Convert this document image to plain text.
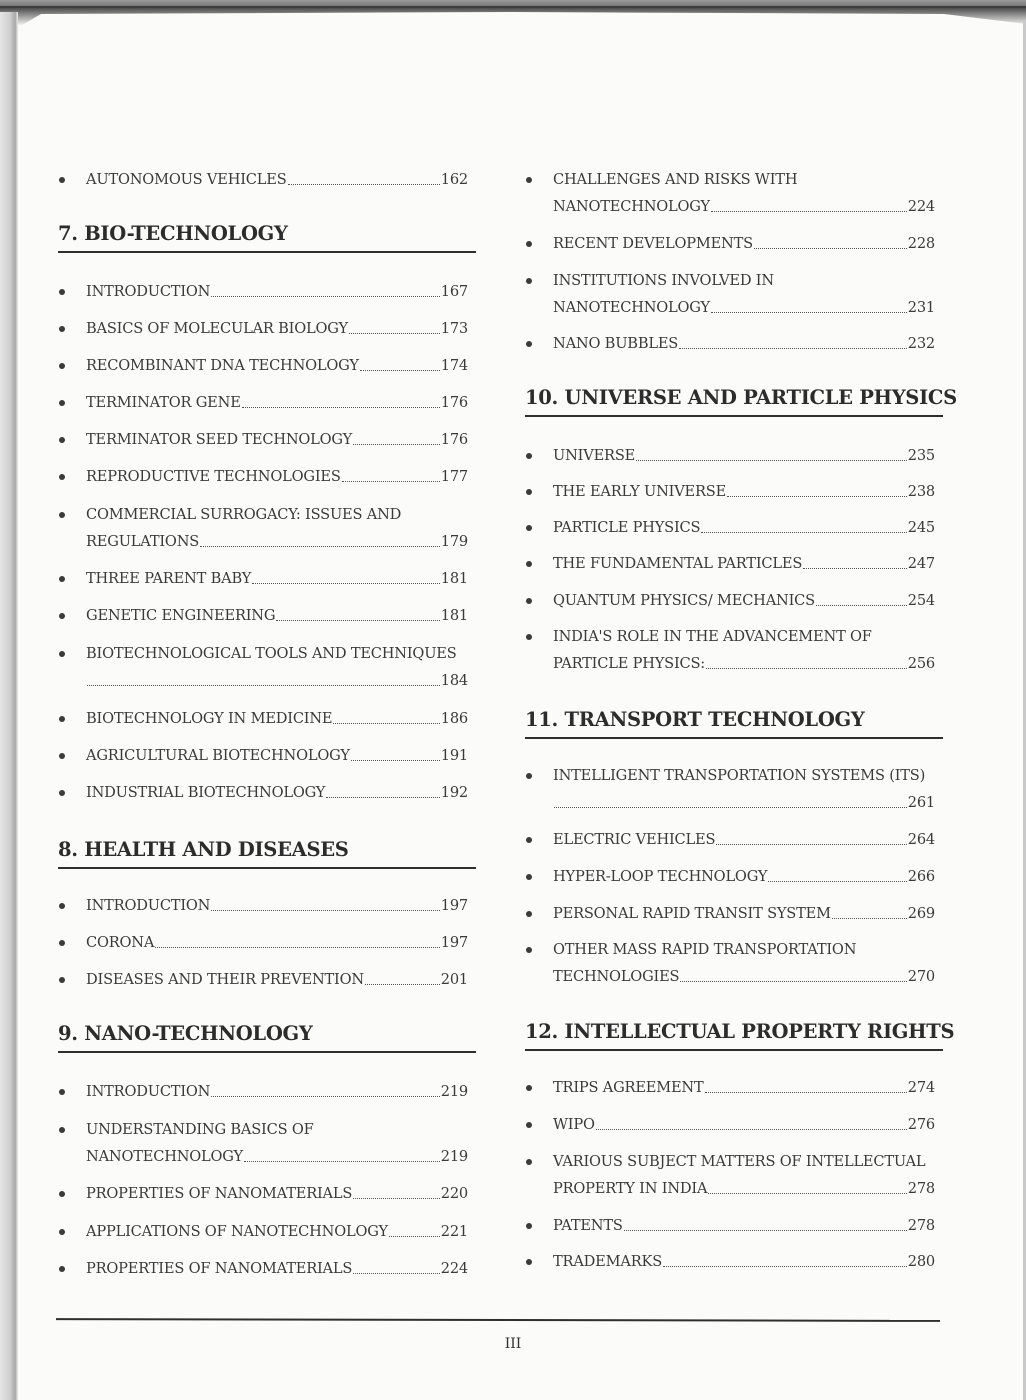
AUTONOMOUS VEHICLES	162
7. BIO-TECHNOLOGY
INTRODUCTION	167
BASICS OF MOLECULAR BIOLOGY	173
RECOMBINANT DNA TECHNOLOGY	174
TERMINATOR GENE	176
TERMINATOR SEED TECHNOLOGY	176
REPRODUCTIVE TECHNOLOGIES	177
COMMERCIAL SURROGACY: ISSUES AND
REGULATIONS	179
THREE PARENT BABY	181
GENETIC ENGINEERING	181
BIOTECHNOLOGICAL TOOLS AND TECHNIQUES
184
BIOTECHNOLOGY IN MEDICINE	186
AGRICULTURAL BIOTECHNOLOGY	191
INDUSTRIAL BIOTECHNOLOGY	192
8. HEALTH AND DISEASES
INTRODUCTION	197
CORONA	197
DISEASES AND THEIR PREVENTION	201
9. NANO-TECHNOLOGY
INTRODUCTION	219
UNDERSTANDING BASICS OF
NANOTECHNOLOGY	219
PROPERTIES OF NANOMATERIALS	220
APPLICATIONS OF NANOTECHNOLOGY	221
PROPERTIES OF NANOMATERIALS	224
CHALLENGES AND RISKS WITH
NANOTECHNOLOGY	224
RECENT DEVELOPMENTS	228
INSTITUTIONS INVOLVED IN
NANOTECHNOLOGY	231
NANO BUBBLES	232
10. UNIVERSE AND PARTICLE PHYSICS
UNIVERSE	235
THE EARLY UNIVERSE	238
PARTICLE PHYSICS	245
THE FUNDAMENTAL PARTICLES	247
QUANTUM PHYSICS/ MECHANICS	254
INDIA'S ROLE IN THE ADVANCEMENT OF
PARTICLE PHYSICS:	256
11. TRANSPORT TECHNOLOGY
INTELLIGENT TRANSPORTATION SYSTEMS (ITS)
261
ELECTRIC VEHICLES	264
HYPER-LOOP TECHNOLOGY	266
PERSONAL RAPID TRANSIT SYSTEM	269
OTHER MASS RAPID TRANSPORTATION
TECHNOLOGIES	270
12. INTELLECTUAL PROPERTY RIGHTS
TRIPS AGREEMENT	274
WIPO	276
VARIOUS SUBJECT MATTERS OF INTELLECTUAL
PROPERTY IN INDIA	278
PATENTS	278
TRADEMARKS	280
III
